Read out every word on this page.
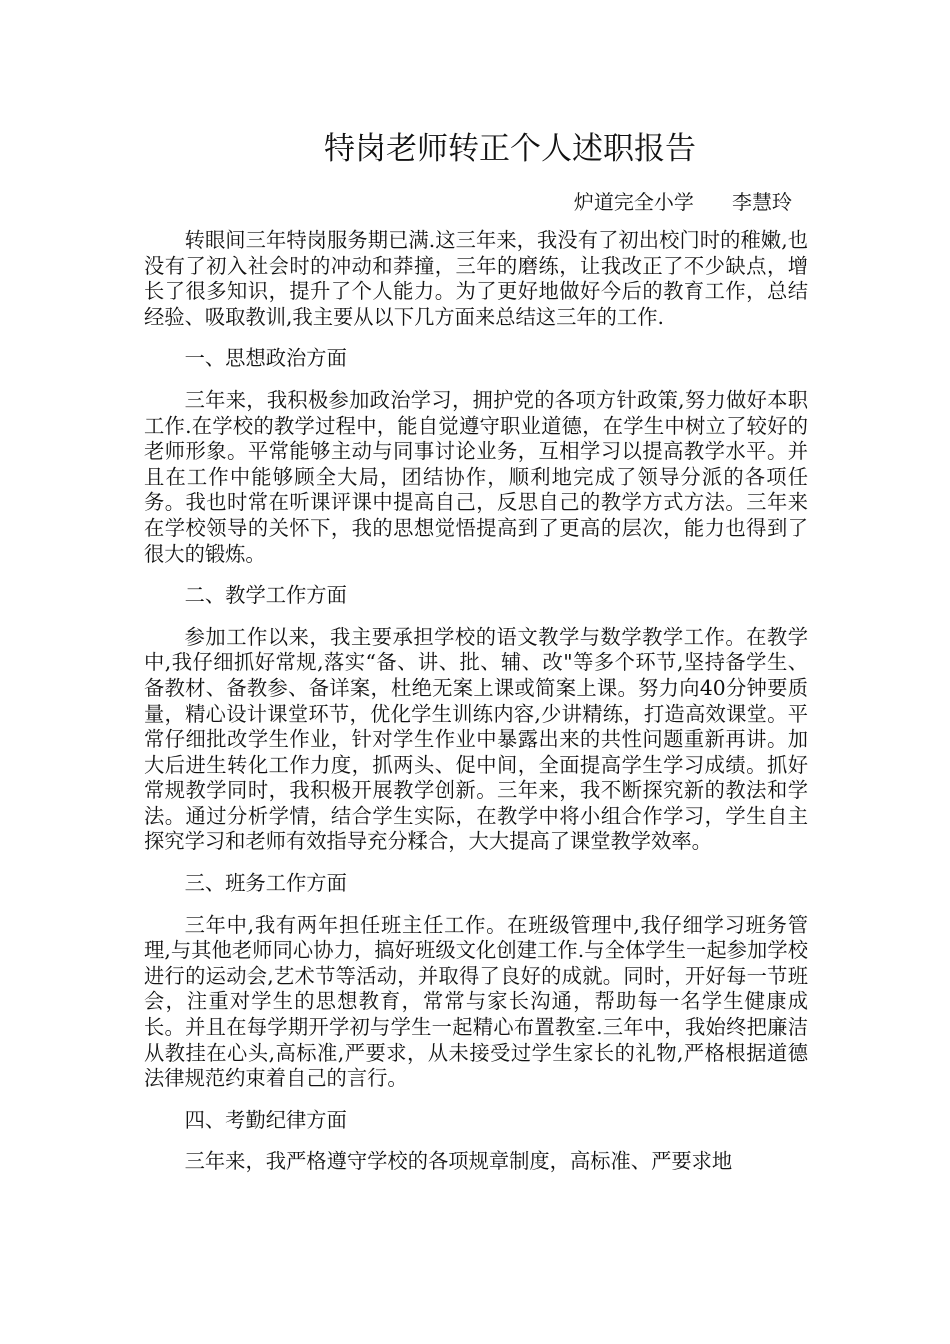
特岗老师转正个人述职报告
炉道完全小学      李慧玲

转眼间三年特岗服务期已满.这三年来，我没有了初出校门时的稚嫩,也没有了初入社会时的冲动和莽撞，三年的磨练，让我改正了不少缺点，增长了很多知识，提升了个人能力。为了更好地做好今后的教育工作，总结经验、吸取教训,我主要从以下几方面来总结这三年的工作.

一、思想政治方面

三年来，我积极参加政治学习，拥护党的各项方针政策,努力做好本职工作.在学校的教学过程中，能自觉遵守职业道德，在学生中树立了较好的老师形象。平常能够主动与同事讨论业务，互相学习以提高教学水平。并且在工作中能够顾全大局，团结协作，顺利地完成了领导分派的各项任务。我也时常在听课评课中提高自己，反思自己的教学方式方法。三年来在学校领导的关怀下，我的思想觉悟提高到了更高的层次，能力也得到了很大的锻炼。

二、教学工作方面

参加工作以来，我主要承担学校的语文教学与数学教学工作。在教学中,我仔细抓好常规,落实“备、讲、批、辅、改"等多个环节,坚持备学生、备教材、备教参、备详案，杜绝无案上课或简案上课。努力向40分钟要质量，精心设计课堂环节，优化学生训练内容,少讲精练，打造高效课堂。平常仔细批改学生作业，针对学生作业中暴露出来的共性问题重新再讲。加大后进生转化工作力度，抓两头、促中间，全面提高学生学习成绩。抓好常规教学同时，我积极开展教学创新。三年来，我不断探究新的教法和学法。通过分析学情，结合学生实际，在教学中将小组合作学习，学生自主探究学习和老师有效指导充分糅合，大大提高了课堂教学效率。

三、班务工作方面

三年中,我有两年担任班主任工作。在班级管理中,我仔细学习班务管理,与其他老师同心协力，搞好班级文化创建工作.与全体学生一起参加学校进行的运动会,艺术节等活动，并取得了良好的成就。同时，开好每一节班会，注重对学生的思想教育，常常与家长沟通，帮助每一名学生健康成长。并且在每学期开学初与学生一起精心布置教室.三年中，我始终把廉洁从教挂在心头,高标准,严要求，从未接受过学生家长的礼物,严格根据道德法律规范约束着自己的言行。

四、考勤纪律方面

三年来，我严格遵守学校的各项规章制度，高标准、严要求地
